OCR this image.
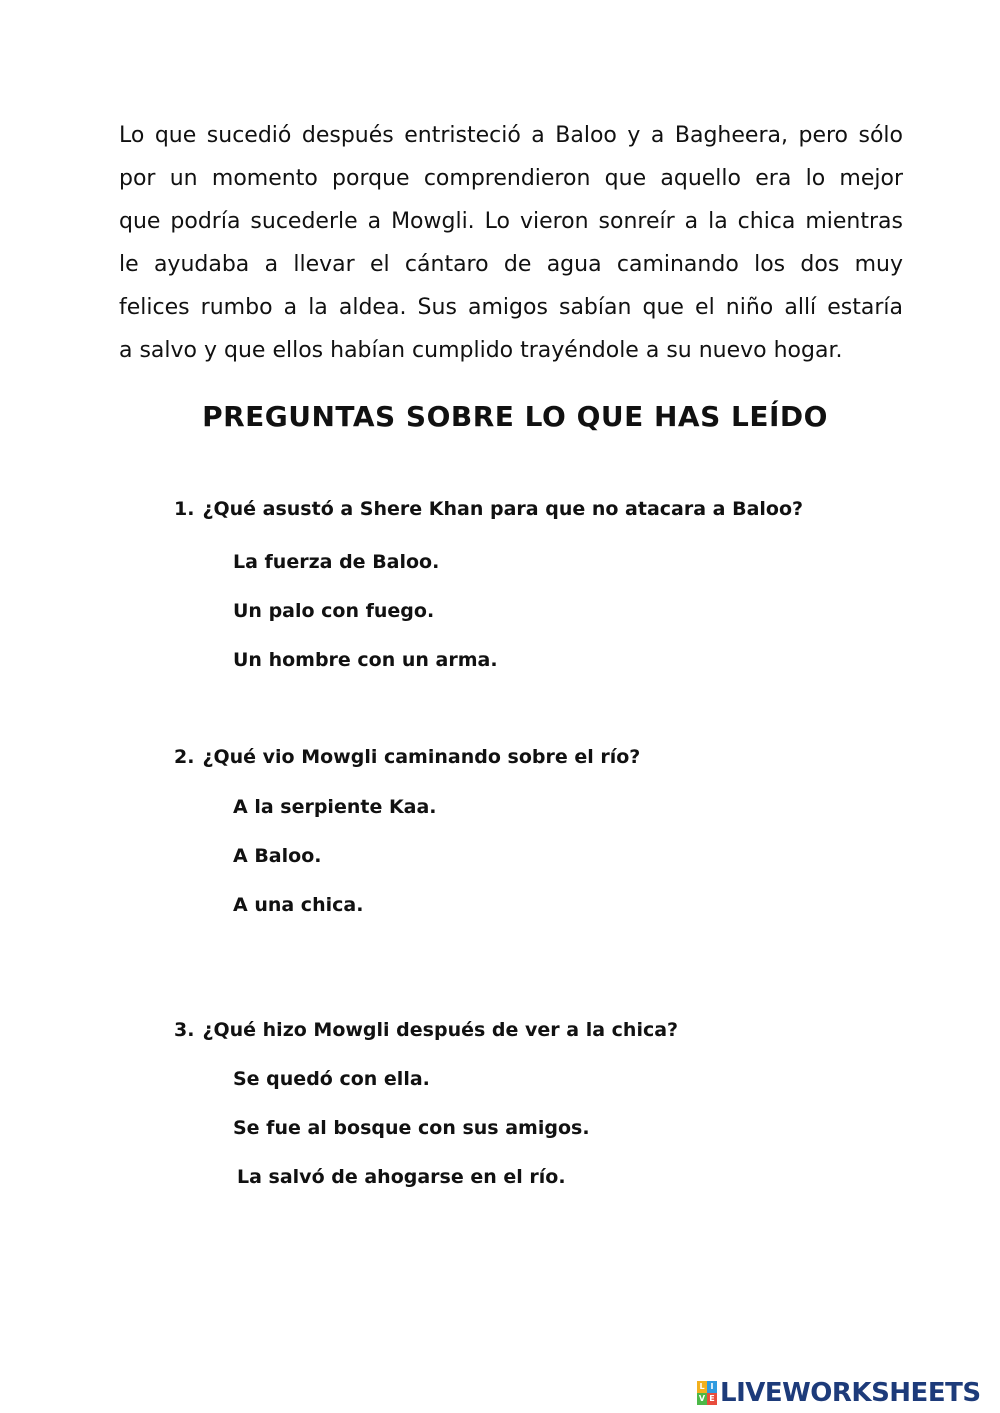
Lo que sucedió después entristeció a Baloo y a Bagheera, pero sólo
por un momento porque comprendieron que aquello era lo mejor
que podría sucederle a Mowgli. Lo vieron sonreír a la chica mientras
le ayudaba a llevar el cántaro de agua caminando los dos muy
felices rumbo a la aldea. Sus amigos sabían que el niño allí estaría
a salvo y que ellos habían cumplido trayéndole a su nuevo hogar.
PREGUNTAS SOBRE LO QUE HAS LEÍDO

1. ¿Qué asustó a Shere Khan para que no atacara a Baloo?

La fuerza de Baloo.

Un palo con fuego.

Un hombre con un arma.

2. ¿Qué vio Mowgli caminando sobre el río?

A la serpiente Kaa.

A Baloo.

A una chica.

3. ¿Qué hizo Mowgli después de ver a la chica?

Se quedó con ella.

Se fue al bosque con sus amigos.

La salvó de ahogarse en el río.

L I
V E LIVEWORKSHEETS
